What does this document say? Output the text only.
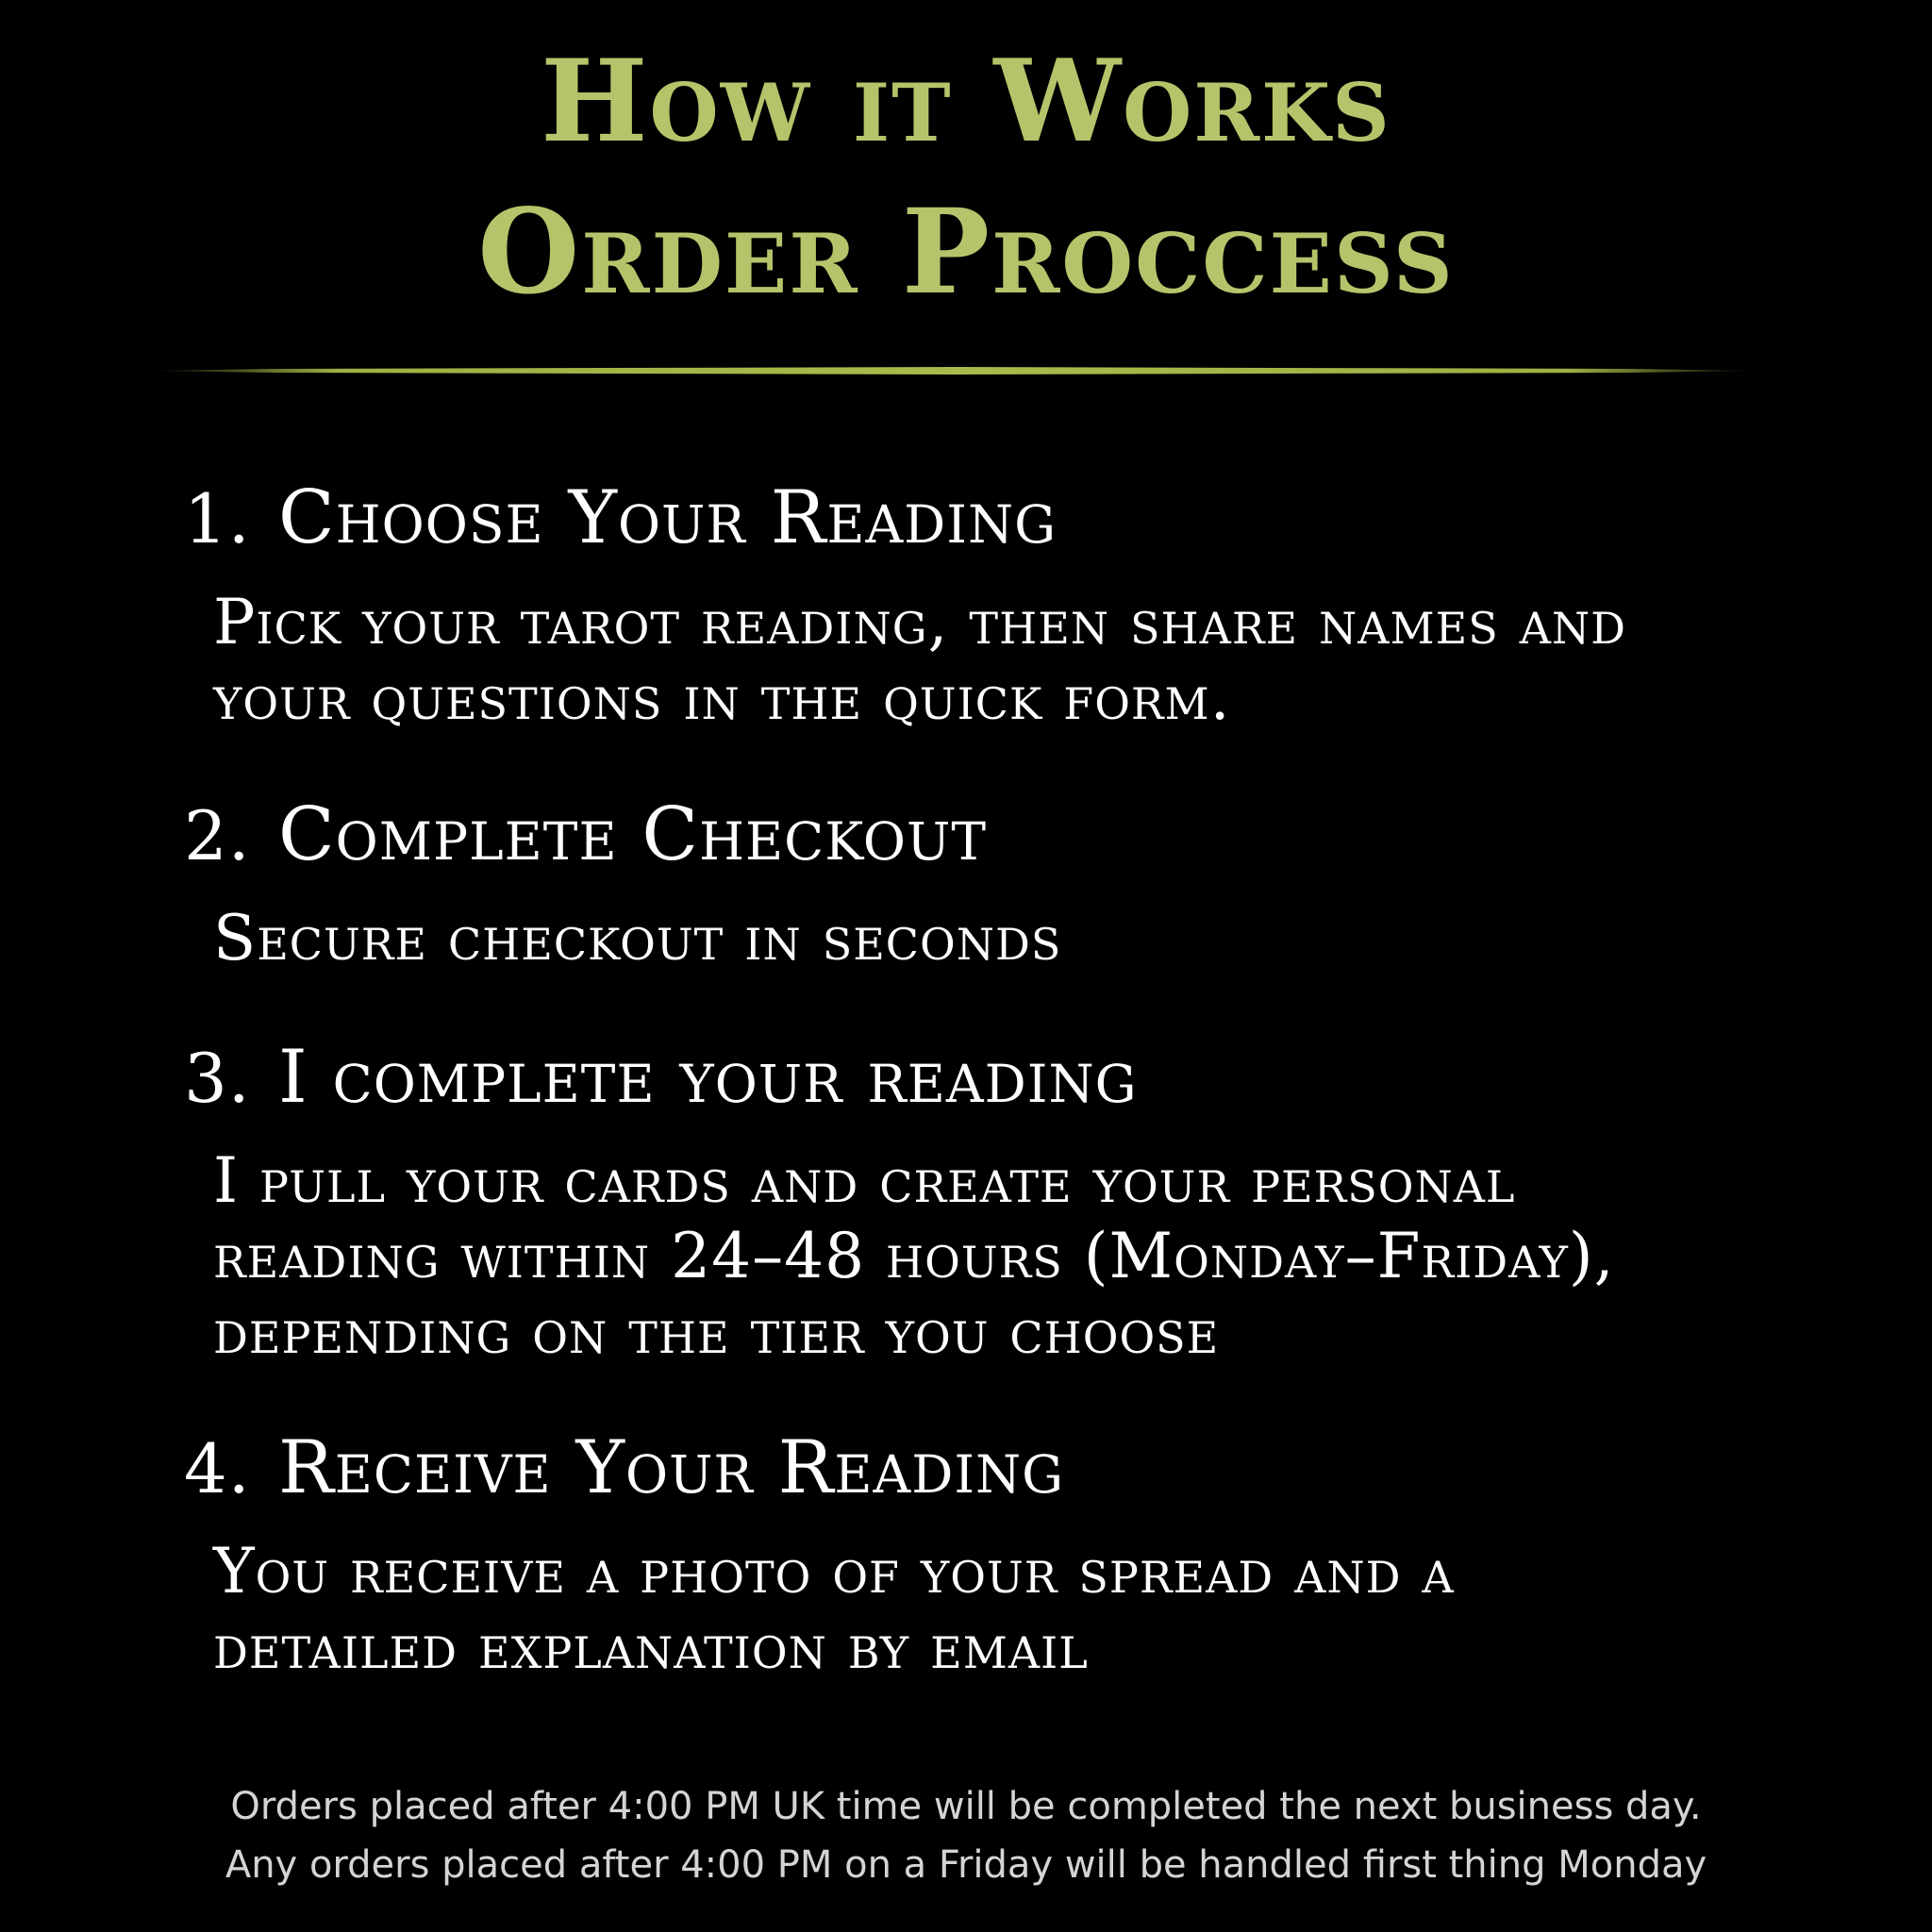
How it Works
Order Proccess
1. Choose Your Reading

Pick your tarot reading, then share names and
your questions in the quick form.

2. Complete Checkout

Secure checkout in seconds

3. I complete your reading

I pull your cards and create your personal
reading within 24–48 hours (Monday–Friday),
depending on the tier you choose

4. Receive Your Reading

You receive a photo of your spread and a
detailed explanation by email

Orders placed after 4:00 PM UK time will be completed the next business day.
Any orders placed after 4:00 PM on a Friday will be handled first thing Monday
